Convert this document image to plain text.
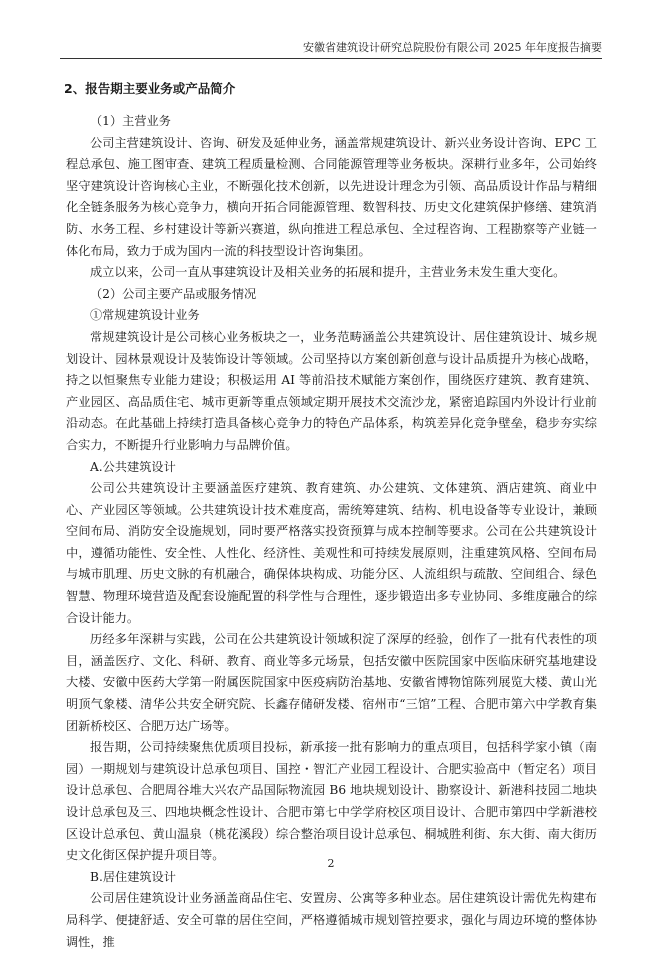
安徽省建筑设计研究总院股份有限公司 2025 年年度报告摘要
2、报告期主要业务或产品简介

（1）主营业务

公司主营建筑设计、咨询、研发及延伸业务，涵盖常规建筑设计、新兴业务设计咨询、EPC 工程总承包、施工图审查、建筑工程质量检测、合同能源管理等业务板块。深耕行业多年，公司始终坚守建筑设计咨询核心主业，不断强化技术创新，以先进设计理念为引领、高品质设计作品与精细化全链条服务为核心竞争力，横向开拓合同能源管理、数智科技、历史文化建筑保护修缮、建筑消防、水务工程、乡村建设计等新兴赛道，纵向推进工程总承包、全过程咨询、工程勘察等产业链一体化布局，致力于成为国内一流的科技型设计咨询集团。

成立以来，公司一直从事建筑设计及相关业务的拓展和提升，主营业务未发生重大变化。

（2）公司主要产品或服务情况

①常规建筑设计业务

常规建筑设计是公司核心业务板块之一，业务范畴涵盖公共建筑设计、居住建筑设计、城乡规划设计、园林景观设计及装饰设计等领域。公司坚持以方案创新创意与设计品质提升为核心战略，持之以恒聚焦专业能力建设；积极运用 AI 等前沿技术赋能方案创作，围绕医疗建筑、教育建筑、产业园区、高品质住宅、城市更新等重点领域定期开展技术交流沙龙，紧密追踪国内外设计行业前沿动态。在此基础上持续打造具备核心竞争力的特色产品体系，构筑差异化竞争壁垒，稳步夯实综合实力，不断提升行业影响力与品牌价值。

A.公共建筑设计

公司公共建筑设计主要涵盖医疗建筑、教育建筑、办公建筑、文体建筑、酒店建筑、商业中心、产业园区等领域。公共建筑设计技术难度高，需统筹建筑、结构、机电设备等专业设计，兼顾空间布局、消防安全设施规划，同时要严格落实投资预算与成本控制等要求。公司在公共建筑设计中，遵循功能性、安全性、人性化、经济性、美观性和可持续发展原则，注重建筑风格、空间布局与城市肌理、历史文脉的有机融合，确保体块构成、功能分区、人流组织与疏散、空间组合、绿色智慧、物理环境营造及配套设施配置的科学性与合理性，逐步锻造出多专业协同、多维度融合的综合设计能力。

历经多年深耕与实践，公司在公共建筑设计领域积淀了深厚的经验，创作了一批有代表性的项目，涵盖医疗、文化、科研、教育、商业等多元场景，包括安徽中医院国家中医临床研究基地建设大楼、安徽中医药大学第一附属医院国家中医疫病防治基地、安徽省博物馆陈列展览大楼、黄山光明顶气象楼、清华公共安全研究院、长鑫存储研发楼、宿州市“三馆”工程、合肥市第六中学教育集团新桥校区、合肥万达广场等。

报告期，公司持续聚焦优质项目投标，新承接一批有影响力的重点项目，包括科学家小镇（南园）一期规划与建筑设计总承包项目、国控・智汇产业园工程设计、合肥实验高中（暂定名）项目设计总承包、合肥周谷堆大兴农产品国际物流园 B6 地块规划设计、勘察设计、新港科技园二地块设计总承包及三、四地块概念性设计、合肥市第七中学学府校区项目设计、合肥市第四中学新港校区设计总承包、黄山温泉（桃花溪段）综合整治项目设计总承包、桐城胜利街、东大街、南大街历史文化街区保护提升项目等。

B.居住建筑设计

公司居住建筑设计业务涵盖商品住宅、安置房、公寓等多种业态。居住建筑设计需优先构建布局科学、便捷舒适、安全可靠的居住空间，严格遵循城市规划管控要求，强化与周边环境的整体协调性，推

2
